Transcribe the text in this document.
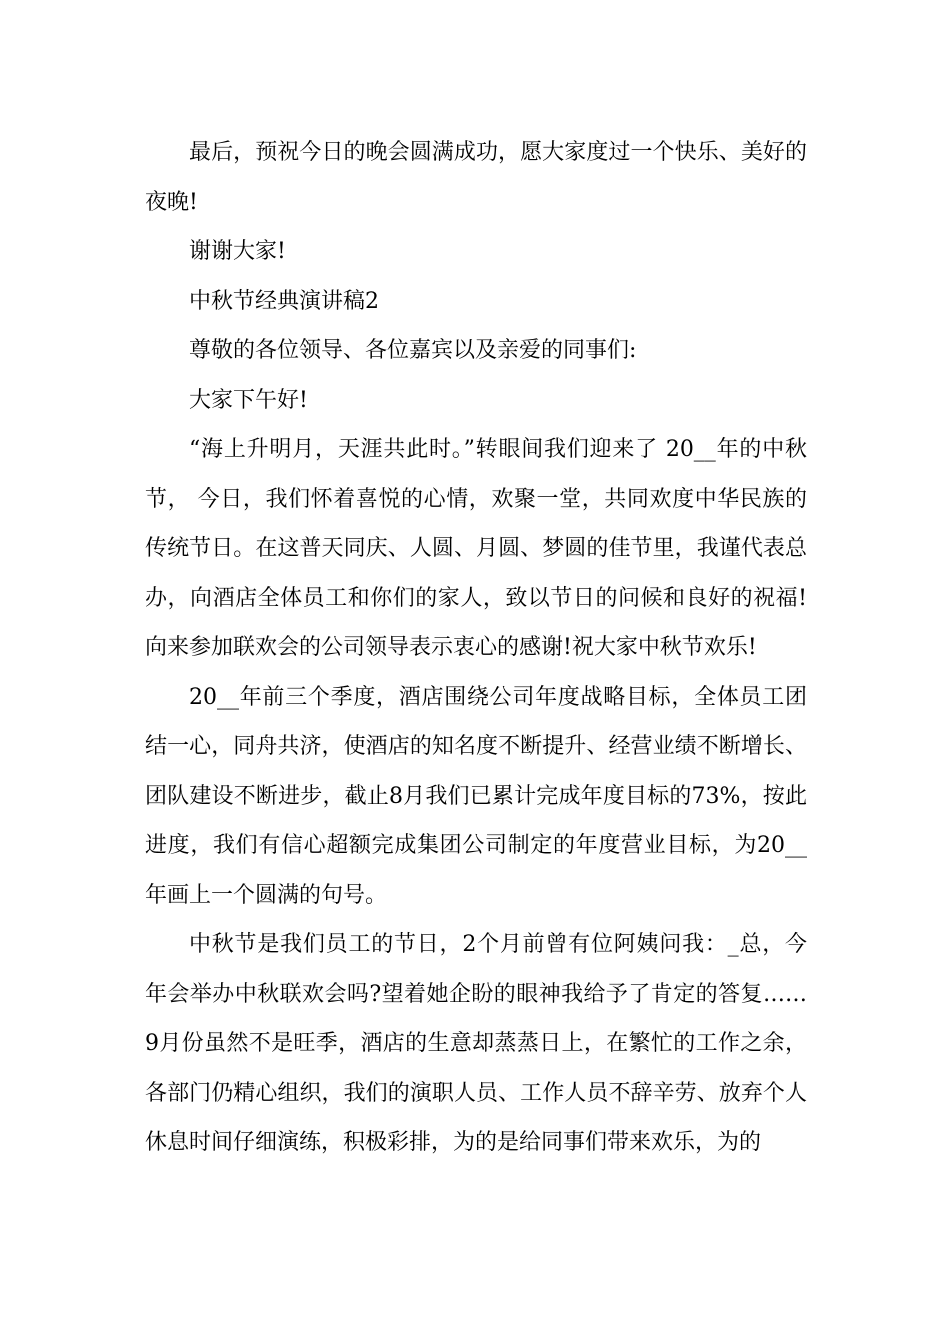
最后，预祝今日的晚会圆满成功，愿大家度过一个快乐、美好的夜晚!

谢谢大家!

中秋节经典演讲稿2

尊敬的各位领导、各位嘉宾以及亲爱的同事们:

大家下午好!

“海上升明月，天涯共此时。”转眼间我们迎来了 20__年的中秋节， 今日，我们怀着喜悦的心情，欢聚一堂，共同欢度中华民族的传统节日。在这普天同庆、人圆、月圆、梦圆的佳节里，我谨代表总办，向酒店全体员工和你们的家人，致以节日的问候和良好的祝福!向来参加联欢会的公司领导表示衷心的感谢!祝大家中秋节欢乐!

20__年前三个季度，酒店围绕公司年度战略目标，全体员工团结一心，同舟共济，使酒店的知名度不断提升、经营业绩不断增长、团队建设不断进步，截止8月我们已累计完成年度目标的73%，按此进度，我们有信心超额完成集团公司制定的年度营业目标，为20__年画上一个圆满的句号。

中秋节是我们员工的节日，2个月前曾有位阿姨问我：_总，今年会举办中秋联欢会吗?望着她企盼的眼神我给予了肯定的答复……9月份虽然不是旺季，酒店的生意却蒸蒸日上，在繁忙的工作之余，各部门仍精心组织，我们的演职人员、工作人员不辞辛劳、放弃个人休息时间仔细演练，积极彩排，为的是给同事们带来欢乐，为的
